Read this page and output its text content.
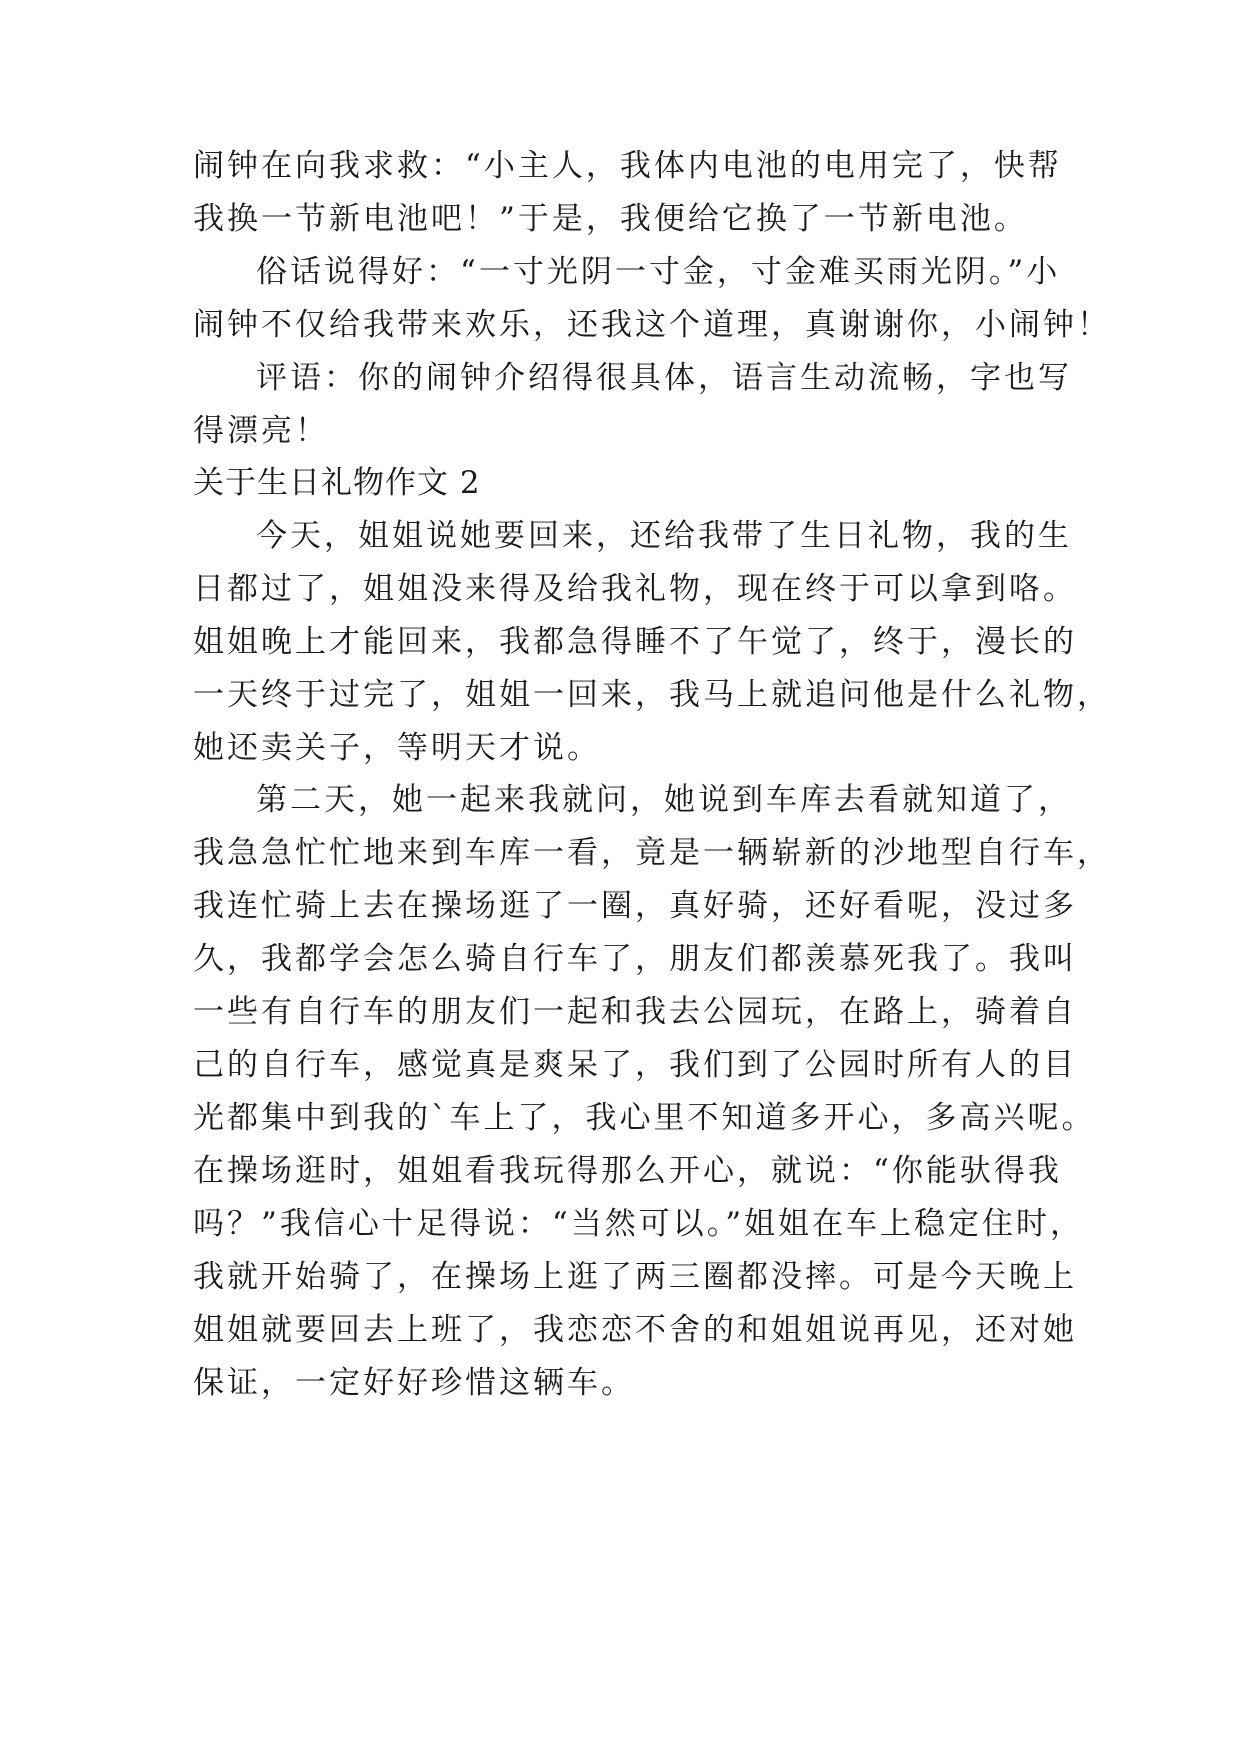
闹钟在向我求救：“小主人，我体内电池的电用完了，快帮
我换一节新电池吧！”于是，我便给它换了一节新电池。
俗话说得好：“一寸光阴一寸金，寸金难买雨光阴。”小
闹钟不仅给我带来欢乐，还我这个道理，真谢谢你，小闹钟！
评语：你的闹钟介绍得很具体，语言生动流畅，字也写
得漂亮！
关于生日礼物作文 2
今天，姐姐说她要回来，还给我带了生日礼物，我的生
日都过了，姐姐没来得及给我礼物，现在终于可以拿到咯。
姐姐晚上才能回来，我都急得睡不了午觉了，终于，漫长的
一天终于过完了，姐姐一回来，我马上就追问他是什么礼物，
她还卖关子，等明天才说。
第二天，她一起来我就问，她说到车库去看就知道了，
我急急忙忙地来到车库一看，竟是一辆崭新的沙地型自行车，
我连忙骑上去在操场逛了一圈，真好骑，还好看呢，没过多
久，我都学会怎么骑自行车了，朋友们都羡慕死我了。我叫
一些有自行车的朋友们一起和我去公园玩，在路上，骑着自
己的自行车，感觉真是爽呆了，我们到了公园时所有人的目
光都集中到我的`车上了，我心里不知道多开心，多高兴呢。
在操场逛时，姐姐看我玩得那么开心，就说：“你能驮得我
吗？”我信心十足得说：“当然可以。”姐姐在车上稳定住时，
我就开始骑了，在操场上逛了两三圈都没摔。可是今天晚上
姐姐就要回去上班了，我恋恋不舍的和姐姐说再见，还对她
保证，一定好好珍惜这辆车。
